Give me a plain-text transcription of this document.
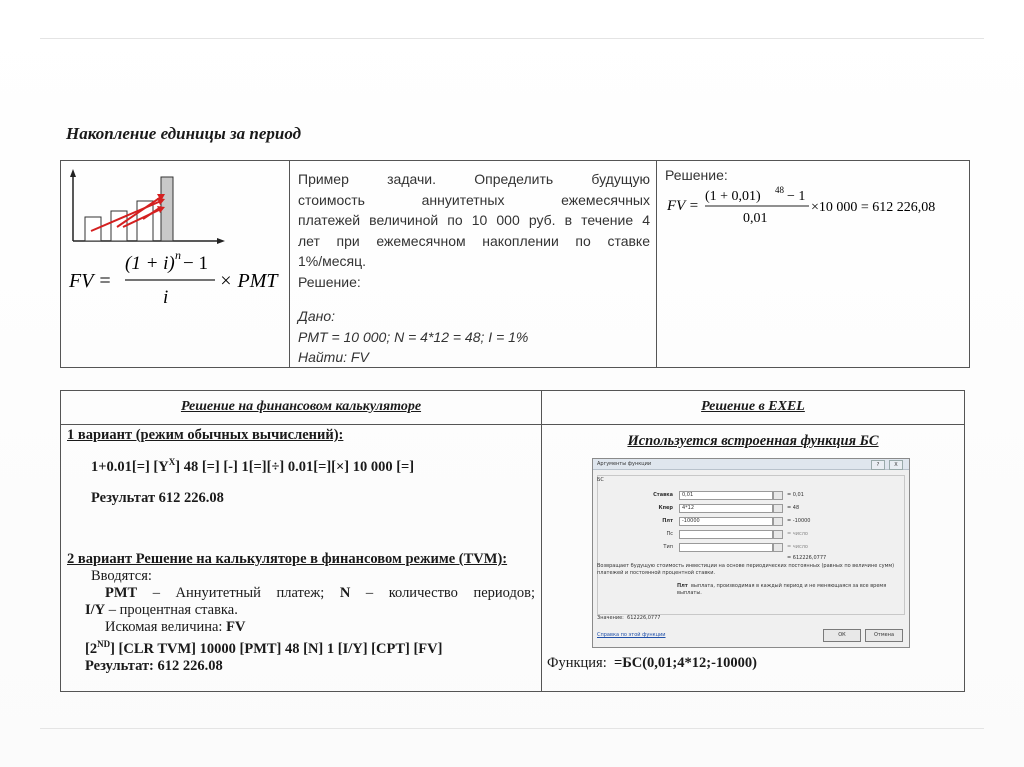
Накопление единицы за период
FV =
(1 + i) n − 1
i
× PMT
Пример задачи. Определить будущую
стоимость аннуитетных ежемесячных
платежей величиной по 10 000 руб. в течение 4
лет при ежемесячном накоплении по ставке
1%/месяц.
Решение:
Дано:
PMT = 10 000; N = 4*12 = 48; I = 1%
Найти: FV
Решение:
FV =
(1 + 0,01) 48 − 1
0,01
×10 000 = 612 226,08
Решение на финансовом калькуляторе	Решение в EXEL
1 вариант (режим обычных вычислений):
1+0.01[=] $[Y^X]$ 48 [=] [-] 1[=][÷] 0.01[=][×] 10 000 [=]
Результат 612 226.08
2 вариант Решение на калькуляторе в финансовом режиме (TVM):
Вводятся:
PMT – Аннуитетный платеж; N – количество периодов;
I/Y – процентная ставка.
Искомая величина: FV
[2ND] [CLR TVM] 10000 [PMT] 48 [N] 1 [I/Y] [CPT] [FV]
Результат: 612 226.08
Используется встроенная функция БС
Функция: =БС(0,01;4*12;-10000)
Аргументы функции	?	X
БС
Ставка 0,01	= 0,01
Кпер 4*12	= 48
Плт -10000	= -10000
Пс	= число
Тип	= число
= 612226,0777
Возвращает будущую стоимость инвестиции на основе периодических постоянных (равных по величине сумм) платежей и постоянной процентной ставки.
Плт выплата, производимая в каждый период и не меняющаяся за все время выплаты.
Значение: 612226,0777
Справка по этой функции	ОК	Отмена
